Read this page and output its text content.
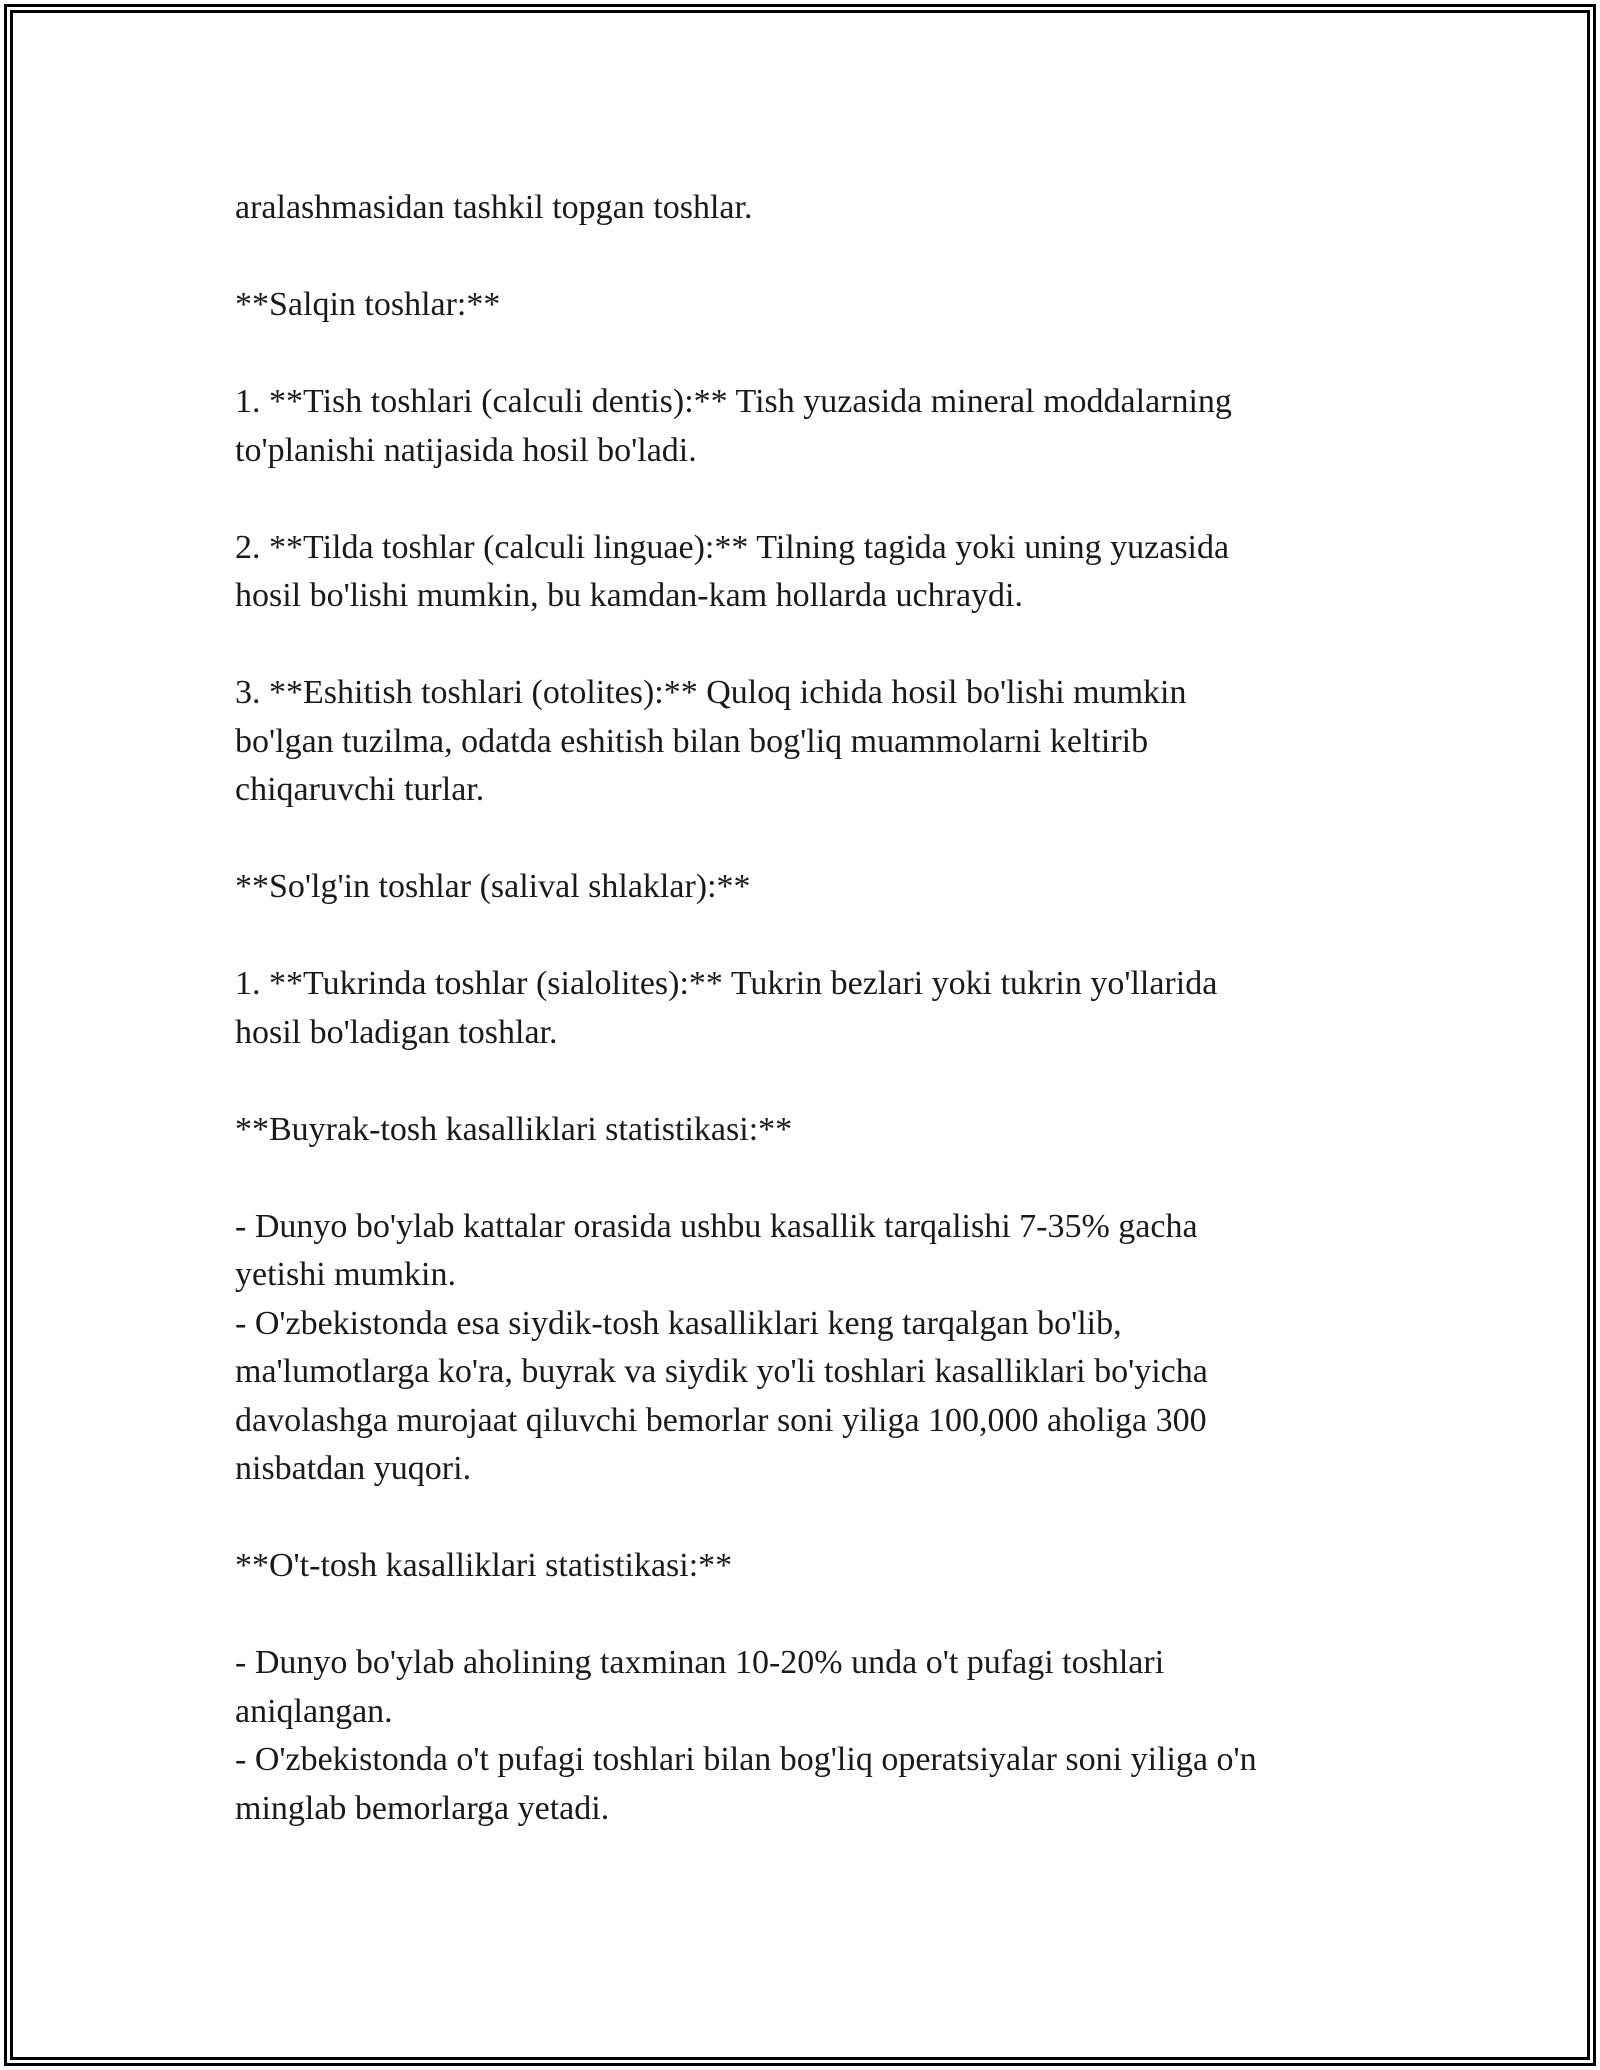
aralashmasidan tashkil topgan toshlar.

**Salqin toshlar:**

1. **Tish toshlari (calculi dentis):** Tish yuzasida mineral moddalarning
to'planishi natijasida hosil bo'ladi.

2. **Tilda toshlar (calculi linguae):** Tilning tagida yoki uning yuzasida
hosil bo'lishi mumkin, bu kamdan-kam hollarda uchraydi.

3. **Eshitish toshlari (otolites):** Quloq ichida hosil bo'lishi mumkin
bo'lgan tuzilma, odatda eshitish bilan bog'liq muammolarni keltirib
chiqaruvchi turlar.

**So'lg'in toshlar (salival shlaklar):**

1. **Tukrinda toshlar (sialolites):** Tukrin bezlari yoki tukrin yo'llarida
hosil bo'ladigan toshlar.

**Buyrak-tosh kasalliklari statistikasi:**

- Dunyo bo'ylab kattalar orasida ushbu kasallik tarqalishi 7-35% gacha
yetishi mumkin.
- O'zbekistonda esa siydik-tosh kasalliklari keng tarqalgan bo'lib,
ma'lumotlarga ko'ra, buyrak va siydik yo'li toshlari kasalliklari bo'yicha
davolashga murojaat qiluvchi bemorlar soni yiliga 100,000 aholiga 300
nisbatdan yuqori.

**O't-tosh kasalliklari statistikasi:**

- Dunyo bo'ylab aholining taxminan 10-20% unda o't pufagi toshlari
aniqlangan.
- O'zbekistonda o't pufagi toshlari bilan bog'liq operatsiyalar soni yiliga o'n
minglab bemorlarga yetadi.
